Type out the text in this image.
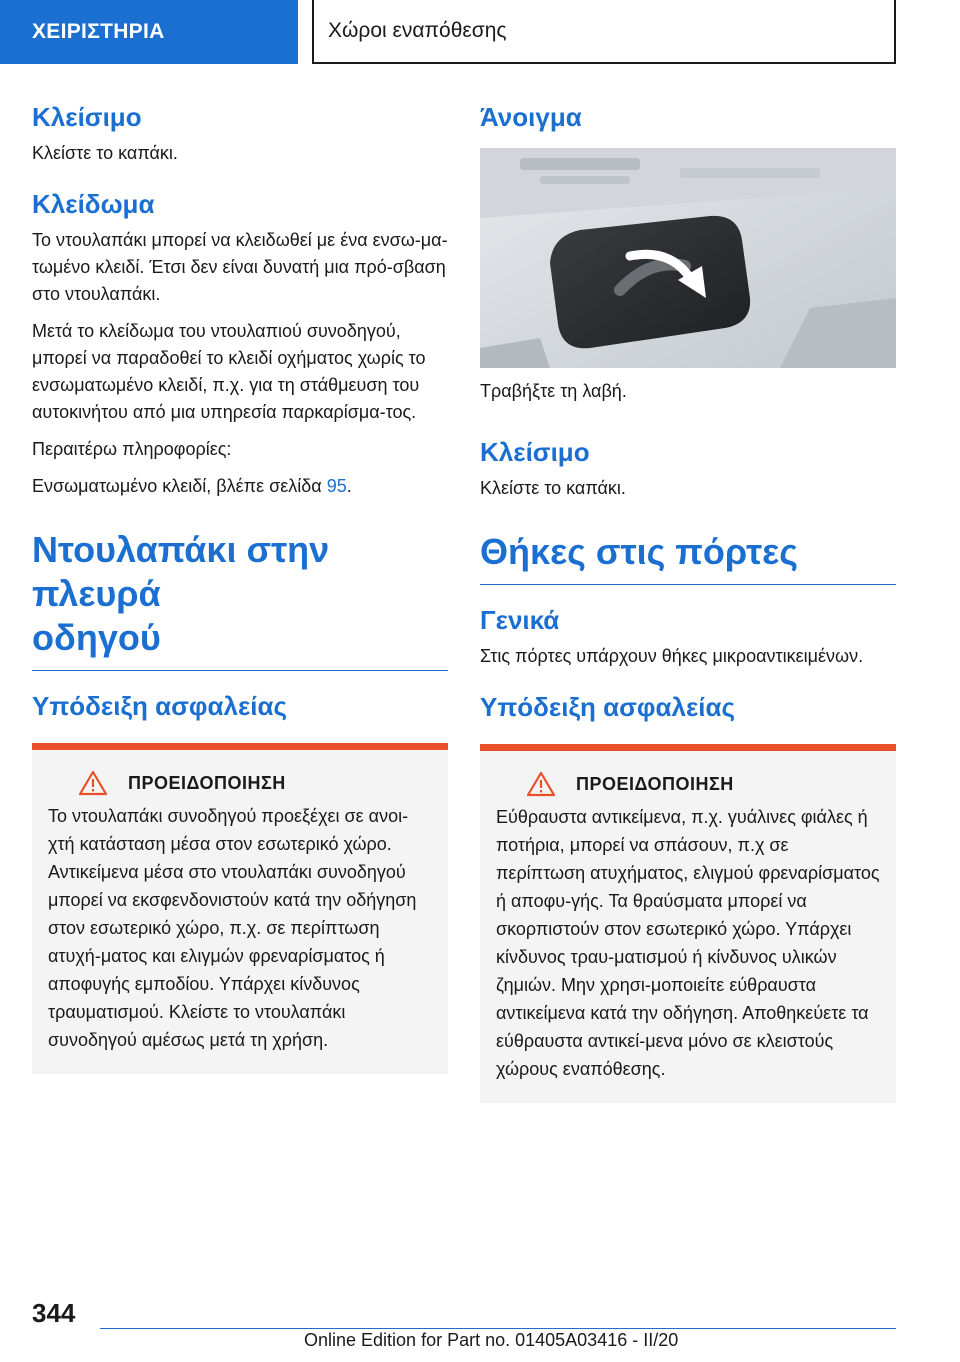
ΧΕΙΡΙΣΤΗΡΙΑ	Χώροι εναπόθεσης
Κλείσιμο

Κλείστε το καπάκι.

Κλείδωμα

Το ντουλαπάκι μπορεί να κλειδωθεί με ένα ενσω-ματωμένο κλειδί. Έτσι δεν είναι δυνατή μια πρό-σβαση στο ντουλαπάκι.

Μετά το κλείδωμα του ντουλαπιού συνοδηγού, μπορεί να παραδοθεί το κλειδί οχήματος χωρίς το ενσωματωμένο κλειδί, π.χ. για τη στάθμευση του αυτοκινήτου από μια υπηρεσία παρκαρίσμα-τος.

Περαιτέρω πληροφορίες:

Ενσωματωμένο κλειδί, βλέπε σελίδα 95.

Ντουλαπάκι στην πλευρά
οδηγού
Υπόδειξη ασφαλείας
ΠΡΟΕΙΔΟΠΟΙΗΣΗ

Το ντουλαπάκι συνοδηγού προεξέχει σε ανοι-χτή κατάσταση μέσα στον εσωτερικό χώρο. Αντικείμενα μέσα στο ντουλαπάκι συνοδηγού μπορεί να εκσφενδονιστούν κατά την οδήγηση στον εσωτερικό χώρο, π.χ. σε περίπτωση ατυχή-ματος και ελιγμών φρεναρίσματος ή αποφυγής εμποδίου. Υπάρχει κίνδυνος τραυματισμού. Κλείστε το ντουλαπάκι συνοδηγού αμέσως μετά τη χρήση.

Άνοιγμα

Τραβήξτε τη λαβή.

Κλείσιμο

Κλείστε το καπάκι.

Θήκες στις πόρτες
Γενικά

Στις πόρτες υπάρχουν θήκες μικροαντικειμένων.

Υπόδειξη ασφαλείας
ΠΡΟΕΙΔΟΠΟΙΗΣΗ

Εύθραυστα αντικείμενα, π.χ. γυάλινες φιάλες ή ποτήρια, μπορεί να σπάσουν, π.χ σε περίπτωση ατυχήματος, ελιγμού φρεναρίσματος ή αποφυ-γής. Τα θραύσματα μπορεί να σκορπιστούν στον εσωτερικό χώρο. Υπάρχει κίνδυνος τραυ-ματισμού ή κίνδυνος υλικών ζημιών. Μην χρησι-μοποιείτε εύθραυστα αντικείμενα κατά την οδήγηση. Αποθηκεύετε τα εύθραυστα αντικεί-μενα μόνο σε κλειστούς χώρους εναπόθεσης.

344
Online Edition for Part no. 01405A03416 - II/20
